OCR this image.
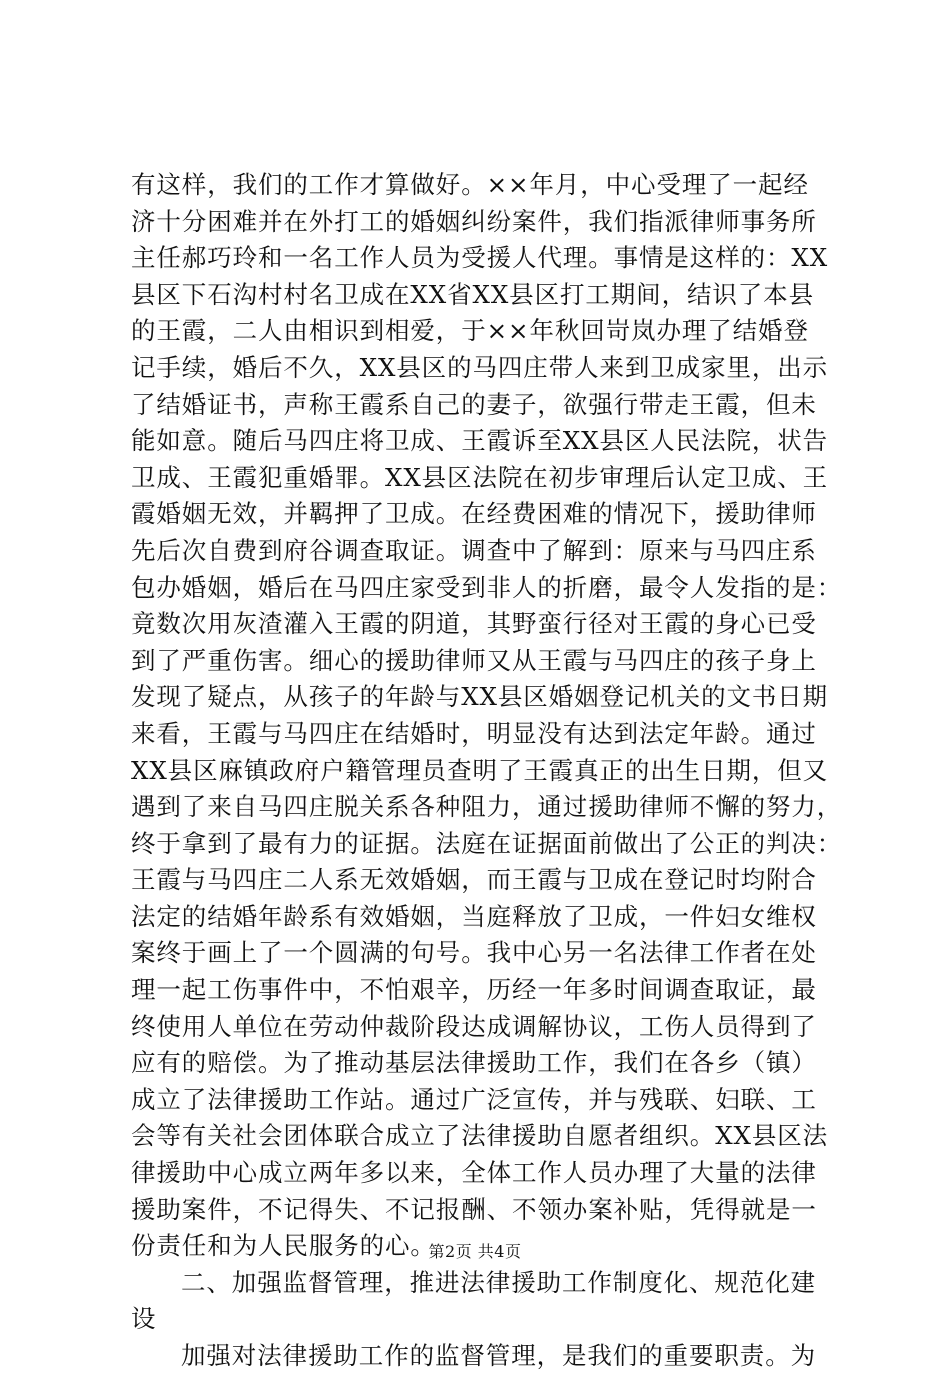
有这样，我们的工作才算做好。××年月，中心受理了一起经
济十分困难并在外打工的婚姻纠纷案件，我们指派律师事务所
主任郝巧玲和一名工作人员为受援人代理。事情是这样的：XX
县区下石沟村村名卫成在XX省XX县区打工期间，结识了本县
的王霞，二人由相识到相爱，于××年秋回岢岚办理了结婚登
记手续，婚后不久，XX县区的马四庄带人来到卫成家里，出示
了结婚证书，声称王霞系自己的妻子，欲强行带走王霞，但未
能如意。随后马四庄将卫成、王霞诉至XX县区人民法院，状告
卫成、王霞犯重婚罪。XX县区法院在初步审理后认定卫成、王
霞婚姻无效，并羁押了卫成。在经费困难的情况下，援助律师
先后次自费到府谷调查取证。调查中了解到：原来与马四庄系
包办婚姻，婚后在马四庄家受到非人的折磨，最令人发指的是：
竟数次用灰渣灌入王霞的阴道，其野蛮行径对王霞的身心已受
到了严重伤害。细心的援助律师又从王霞与马四庄的孩子身上
发现了疑点，从孩子的年龄与XX县区婚姻登记机关的文书日期
来看，王霞与马四庄在结婚时，明显没有达到法定年龄。通过
XX县区麻镇政府户籍管理员查明了王霞真正的出生日期，但又
遇到了来自马四庄脱关系各种阻力，通过援助律师不懈的努力，
终于拿到了最有力的证据。法庭在证据面前做出了公正的判决：
王霞与马四庄二人系无效婚姻，而王霞与卫成在登记时均附合
法定的结婚年龄系有效婚姻，当庭释放了卫成，一件妇女维权
案终于画上了一个圆满的句号。我中心另一名法律工作者在处
理一起工伤事件中，不怕艰辛，历经一年多时间调查取证，最
终使用人单位在劳动仲裁阶段达成调解协议，工伤人员得到了
应有的赔偿。为了推动基层法律援助工作，我们在各乡（镇）
成立了法律援助工作站。通过广泛宣传，并与残联、妇联、工
会等有关社会团体联合成立了法律援助自愿者组织。XX县区法
律援助中心成立两年多以来，全体工作人员办理了大量的法律
援助案件，不记得失、不记报酬、不领办案补贴，凭得就是一
份责任和为人民服务的心。
二、加强监督管理，推进法律援助工作制度化、规范化建
设
加强对法律援助工作的监督管理，是我们的重要职责。为
第2页 共4页
